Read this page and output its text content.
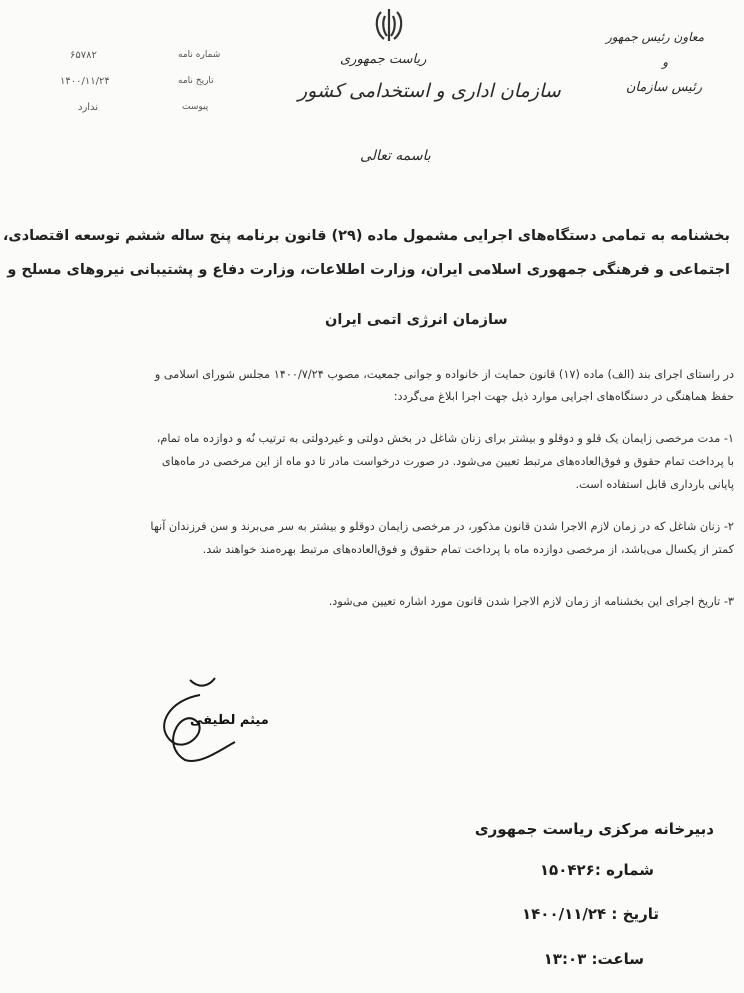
ریاست جمهوری
سازمان اداری و استخدامی کشور
معاون رئیس جمهور
و
رئیس سازمان
شماره نامه
۶۵۷۸۲
تاریخ نامه
۱۴۰۰/۱۱/۲۴
پیوست
ندارد
باسمه تعالی
بخشنامه به تمامی دستگاه‌های اجرایی مشمول ماده (۲۹) قانون برنامه پنج ساله ششم توسعه اقتصادی،
اجتماعی و فرهنگی جمهوری اسلامی ایران، وزارت اطلاعات، وزارت دفاع و پشتیبانی نیروهای مسلح و
سازمان انرژی اتمی ایران
در راستای اجرای بند (الف) ماده (۱۷) قانون حمایت از خانواده و جوانی جمعیت، مصوب ۱۴۰۰/۷/۲۴ مجلس شورای اسلامی و
حفظ هماهنگی در دستگاه‌های اجرایی موارد ذیل جهت اجرا ابلاغ می‌گردد:
۱- مدت مرخصی زایمان یک قلو و دوقلو و بیشتر برای زنان شاغل در بخش دولتی و غیردولتی به ترتیب نُه و دوازده ماه تمام،
با پرداخت تمام حقوق و فوق‌العاده‌های مرتبط تعیین می‌شود. در صورت درخواست مادر تا دو ماه از این مرخصی در ماه‌های
پایانی بارداری قابل استفاده است.
۲- زنان شاغل که در زمان لازم الاجرا شدن قانون مذکور، در مرخصی زایمان دوقلو و بیشتر به سر می‌برند و سن فرزندان آنها
کمتر از یکسال می‌باشد، از مرخصی دوازده ماه با پرداخت تمام حقوق و فوق‌العاده‌های مرتبط بهره‌مند خواهند شد.
۳- تاریخ اجرای این بخشنامه از زمان لازم الاجرا شدن قانون مورد اشاره تعیین می‌شود.
میثم لطیفی
دبیرخانه مرکزی ریاست جمهوری
شماره :۱۵۰۴۲۶
تاریخ : ۱۴۰۰/۱۱/۲۴
ساعت: ۱۳:۰۳
